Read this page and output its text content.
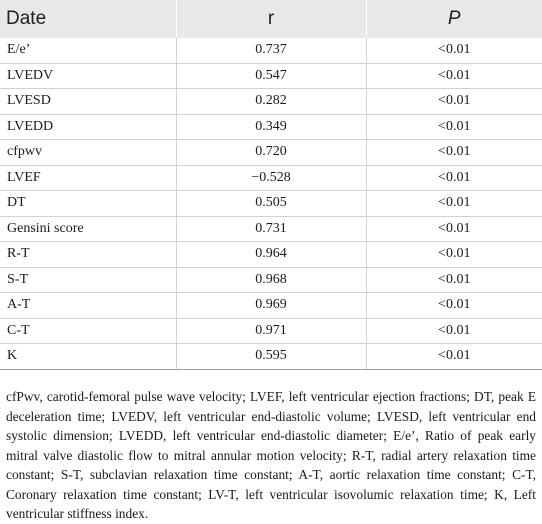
Date	r	P
E/e’	0.737	<0.01
LVEDV	0.547	<0.01
LVESD	0.282	<0.01
LVEDD	0.349	<0.01
cfpwv	0.720	<0.01
LVEF	−0.528	<0.01
DT	0.505	<0.01
Gensini score	0.731	<0.01
R-T	0.964	<0.01
S-T	0.968	<0.01
A-T	0.969	<0.01
C-T	0.971	<0.01
K	0.595	<0.01

cfPwv, carotid-femoral pulse wave velocity; LVEF, left ventricular ejection fractions; DT, peak E deceleration time; LVEDV, left ventricular end-diastolic volume; LVESD, left ventricular end systolic dimension; LVEDD, left ventricular end-diastolic diameter; E/e’, Ratio of peak early mitral valve diastolic flow to mitral annular motion velocity; R-T, radial artery relaxation time constant; S-T, subclavian relaxation time constant; A-T, aortic relaxation time constant; C-T, Coronary relaxation time constant; LV-T, left ventricular isovolumic relaxation time; K, Left ventricular stiffness index.
